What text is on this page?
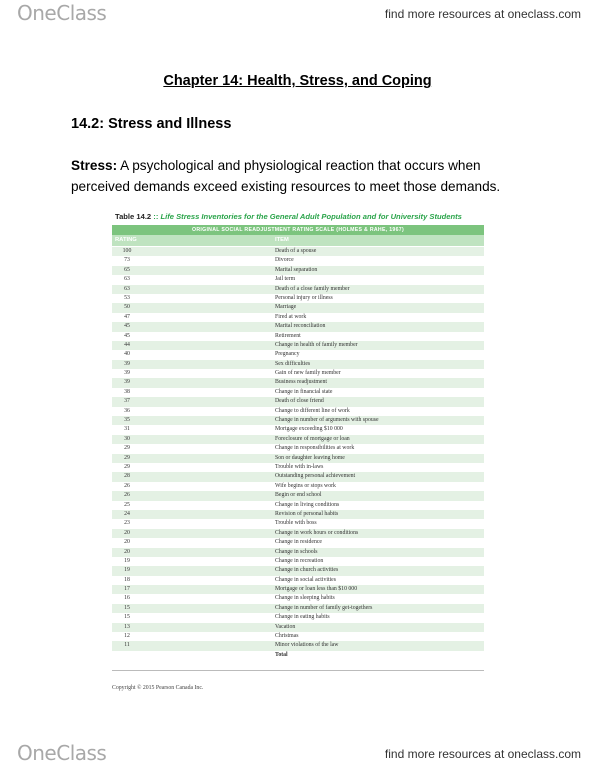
OneClass	find more resources at oneclass.com
Chapter 14: Health, Stress, and Coping
14.2: Stress and Illness
Stress: A psychological and physiological reaction that occurs when perceived demands exceed existing resources to meet those demands.
Table 14.2 :: Life Stress Inventories for the General Adult Population and for University Students
ORIGINAL SOCIAL READJUSTMENT RATING SCALE (HOLMES & RAHE, 1967)
RATING	ITEM
100	Death of a spouse
73	Divorce
65	Marital separation
63	Jail term
63	Death of a close family member
53	Personal injury or illness
50	Marriage
47	Fired at work
45	Marital reconciliation
45	Retirement
44	Change in health of family member
40	Pregnancy
39	Sex difficulties
39	Gain of new family member
39	Business readjustment
38	Change in financial state
37	Death of close friend
36	Change to different line of work
35	Change in number of arguments with spouse
31	Mortgage exceeding $10 000
30	Foreclosure of mortgage or loan
29	Change in responsibilities at work
29	Son or daughter leaving home
29	Trouble with in-laws
28	Outstanding personal achievement
26	Wife begins or stops work
26	Begin or end school
25	Change in living conditions
24	Revision of personal habits
23	Trouble with boss
20	Change in work hours or conditions
20	Change in residence
20	Change in schools
19	Change in recreation
19	Change in church activities
18	Change in social activities
17	Mortgage or loan less than $10 000
16	Change in sleeping habits
15	Change in number of family get-togethers
15	Change in eating habits
13	Vacation
12	Christmas
11	Minor violations of the law
Total
Copyright © 2015 Pearson Canada Inc.
OneClass	find more resources at oneclass.com
